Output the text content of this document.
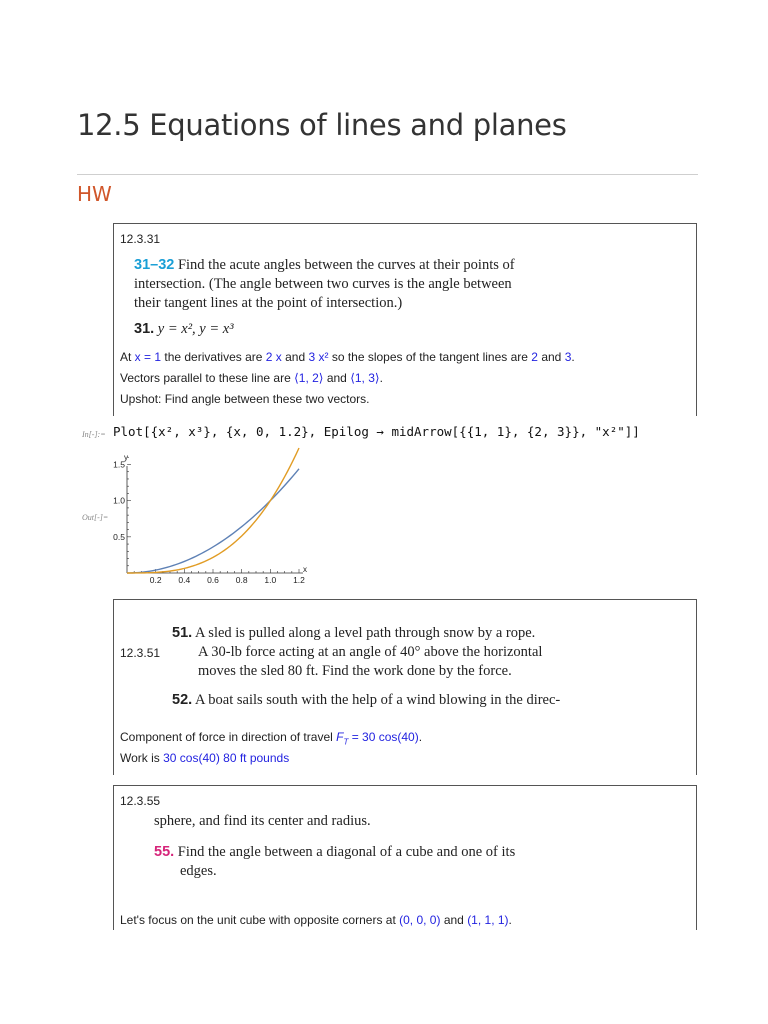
12.5 Equations of lines and planes
HW
12.3.31

31–32 Find the acute angles between the curves at their points of

intersection. (The angle between two curves is the angle between

their tangent lines at the point of intersection.)

31. y = x², y = x³

At x = 1 the derivatives are 2 x and 3 x² so the slopes of the tangent lines are 2 and 3.
Vectors parallel to these line are ⟨1, 2⟩ and ⟨1, 3⟩.
Upshot: Find angle between these two vectors.
In[-]:= Plot[{x², x³}, {x, 0, 1.2}, Epilog → midArrow[{{1, 1}, {2, 3}}, "x²"]]
Out[-]=
0.2 0.4 0.6 0.8 1.0 1.2
0.5
1.0
1.5
x
y
12.3.51

51. A sled is pulled along a level path through snow by a rope.

A 30-lb force acting at an angle of 40° above the horizontal

moves the sled 80 ft. Find the work done by the force.

52. A boat sails south with the help of a wind blowing in the direc-

Component of force in direction of travel $F_T = 30$ cos(40).
Work is 30 cos(40) 80 ft pounds
12.3.55

sphere, and find its center and radius.

55. Find the angle between a diagonal of a cube and one of its

edges.

Let's focus on the unit cube with opposite corners at (0, 0, 0) and (1, 1, 1).
